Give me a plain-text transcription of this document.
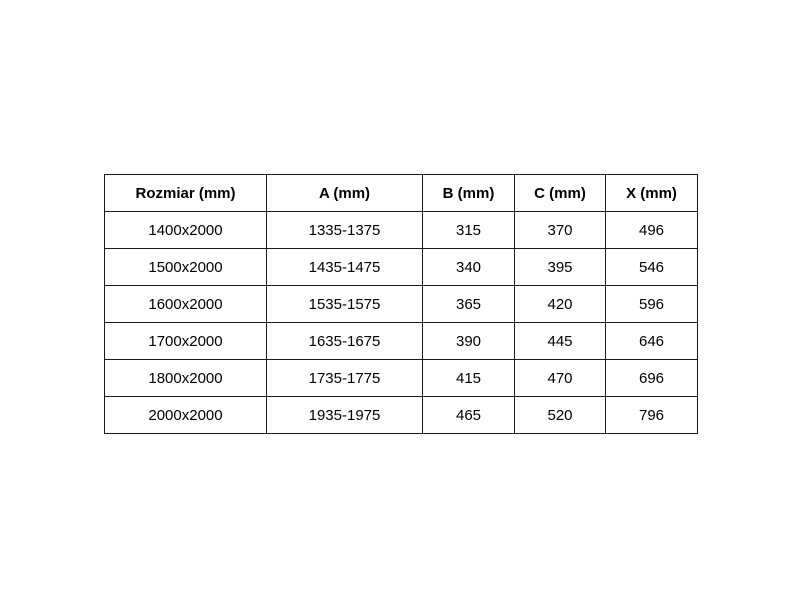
Rozmiar (mm)	A (mm)	B (mm)	C (mm)	X (mm)
1400x2000	1335-1375	315	370	496
1500x2000	1435-1475	340	395	546
1600x2000	1535-1575	365	420	596
1700x2000	1635-1675	390	445	646
1800x2000	1735-1775	415	470	696
2000x2000	1935-1975	465	520	796
